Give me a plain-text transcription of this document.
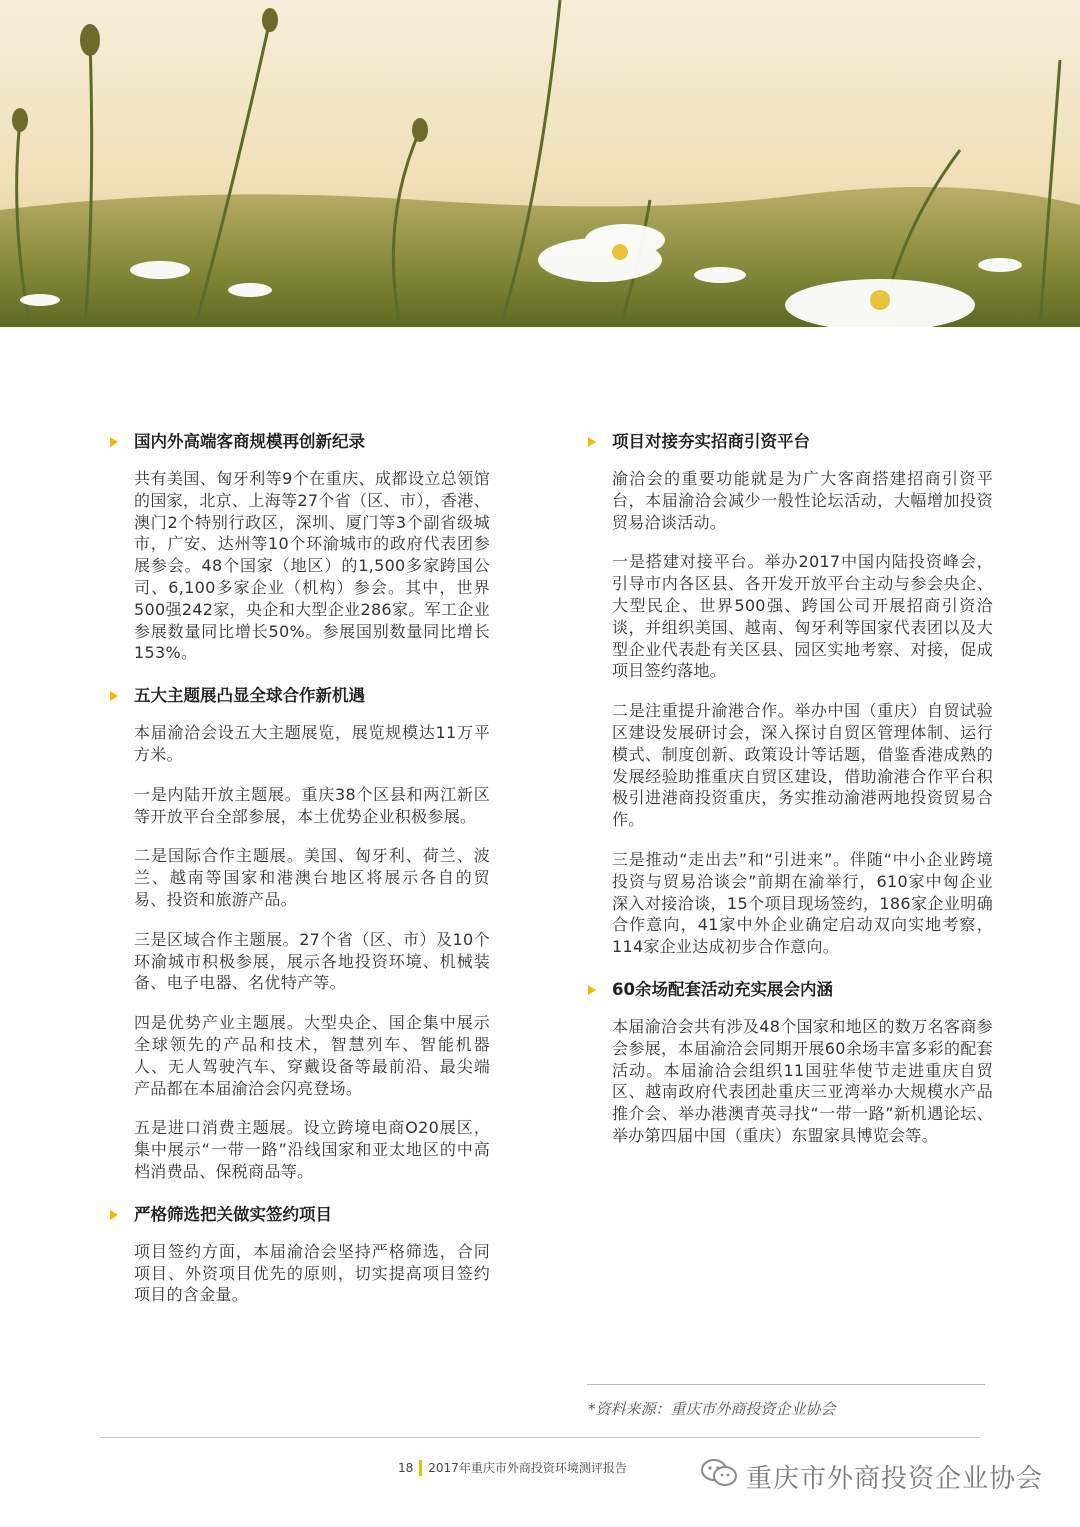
国内外高端客商规模再创新纪录

共有美国、匈牙利等9个在重庆、成都设立总领馆的国家，北京、上海等27个省（区、市），香港、澳门2个特别行政区，深圳、厦门等3个副省级城市，广安、达州等10个环渝城市的政府代表团参展参会。48个国家（地区）的1,500多家跨国公司、6,100多家企业（机构）参会。其中，世界500强242家，央企和大型企业286家。军工企业参展数量同比增长50%。参展国别数量同比增长153%。

五大主题展凸显全球合作新机遇

本届渝洽会设五大主题展览，展览规模达11万平方米。

一是内陆开放主题展。重庆38个区县和两江新区等开放平台全部参展，本土优势企业积极参展。

二是国际合作主题展。美国、匈牙利、荷兰、波兰、越南等国家和港澳台地区将展示各自的贸易、投资和旅游产品。

三是区域合作主题展。27个省（区、市）及10个环渝城市积极参展，展示各地投资环境、机械装备、电子电器、名优特产等。

四是优势产业主题展。大型央企、国企集中展示全球领先的产品和技术，智慧列车、智能机器人、无人驾驶汽车、穿戴设备等最前沿、最尖端产品都在本届渝洽会闪亮登场。

五是进口消费主题展。设立跨境电商O20展区，集中展示“一带一路”沿线国家和亚太地区的中高档消费品、保税商品等。

严格筛选把关做实签约项目

项目签约方面，本届渝洽会坚持严格筛选，合同项目、外资项目优先的原则，切实提高项目签约项目的含金量。

项目对接夯实招商引资平台

渝洽会的重要功能就是为广大客商搭建招商引资平台，本届渝洽会减少一般性论坛活动，大幅增加投资贸易洽谈活动。

一是搭建对接平台。举办2017中国内陆投资峰会，引导市内各区县、各开发开放平台主动与参会央企、大型民企、世界500强、跨国公司开展招商引资洽谈，并组织美国、越南、匈牙利等国家代表团以及大型企业代表赴有关区县、园区实地考察、对接，促成项目签约落地。

二是注重提升渝港合作。举办中国（重庆）自贸试验区建设发展研讨会，深入探讨自贸区管理体制、运行模式、制度创新、政策设计等话题，借鉴香港成熟的发展经验助推重庆自贸区建设，借助渝港合作平台积极引进港商投资重庆，务实推动渝港两地投资贸易合作。

三是推动“走出去”和“引进来”。伴随“中小企业跨境投资与贸易洽谈会”前期在渝举行，610家中匈企业深入对接洽谈，15个项目现场签约，186家企业明确合作意向，41家中外企业确定启动双向实地考察，114家企业达成初步合作意向。

60余场配套活动充实展会内涵

本届渝洽会共有涉及48个国家和地区的数万名客商参会参展，本届渝洽会同期开展60余场丰富多彩的配套活动。本届渝洽会组织11国驻华使节走进重庆自贸区、越南政府代表团赴重庆三亚湾举办大规模水产品推介会、举办港澳青英寻找“一带一路”新机遇论坛、举办第四届中国（重庆）东盟家具博览会等。

*资料来源：重庆市外商投资企业协会
18 2017年重庆市外商投资环境测评报告	重庆市外商投资企业协会
